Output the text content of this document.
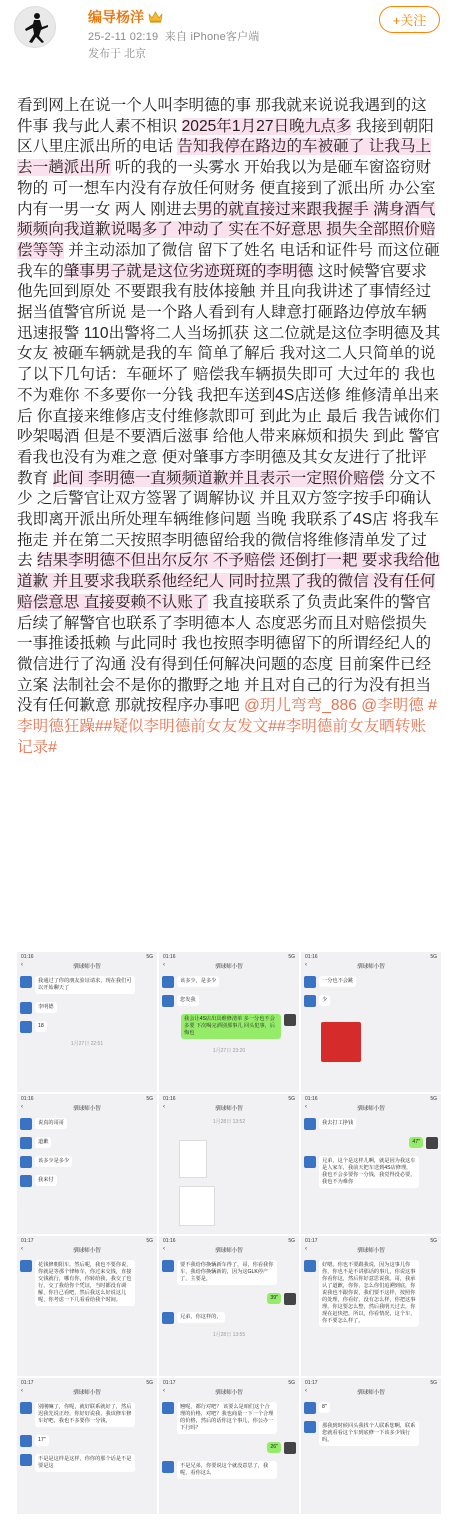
编导杨洋
25-2-11 02:19 来自 iPhone客户端
发布于 北京
+关注
看到网上在说一个人叫李明德的事 那我就来说说我遇到的这件事 我与此人素不相识 2025年1月27日晚九点多 我接到朝阳区八里庄派出所的电话 告知我停在路边的车被砸了 让我马上去一趟派出所 听的我的一头雾水 开始我以为是砸车窗盗窃财物的 可一想车内没有存放任何财务 便直接到了派出所 办公室内有一男一女 两人 刚进去男的就直接过来跟我握手 满身酒气 频频向我道歉说喝多了 冲动了 实在不好意思 损失全部照价赔偿等等 并主动添加了微信 留下了姓名 电话和证件号 而这位砸我车的肇事男子就是这位劣迹斑斑的李明德 这时候警官要求他先回到原处 不要跟我有肢体接触 并且向我讲述了事情经过 据当值警官所说 是一个路人看到有人肆意打砸路边停放车辆迅速报警 110出警将二人当场抓获 这二位就是这位李明德及其女友 被砸车辆就是我的车 简单了解后 我对这二人只简单的说了以下几句话：车砸坏了 赔偿我车辆损失即可 大过年的 我也不为难你 不多要你一分钱 我把车送到4S店送修 维修清单出来后 你直接来维修店支付维修款即可 到此为止 最后 我告诫你们 吵架喝酒 但是不要酒后滋事 给他人带来麻烦和损失 到此 警官看我也没有为难之意 便对肇事方李明德及其女友进行了批评教育 此间 李明德一直频频道歉并且表示一定照价赔偿 分文不少 之后警官让双方签署了调解协议 并且双方签字按手印确认 我即离开派出所处理车辆维修问题 当晚 我联系了4S店 将我车拖走 并在第二天按照李明德留给我的微信将维修清单发了过去 结果李明德不但出尔反尔 不予赔偿 还倒打一耙 要求我给他道歉 并且要求我联系他经纪人 同时拉黑了我的微信 没有任何赔偿意思 直接耍赖不认账了 我直接联系了负责此案件的警官 后续了解警官也联系了李明德本人 态度恶劣而且对赔偿损失一事推诿抵赖 与此同时 我也按照李明德留下的所谓经纪人的微信进行了沟通 没有得到任何解决问题的态度 目前案件已经立案 法制社会不是你的撒野之地 并且对自己的行为没有担当没有任何歉意 那就按程序办事吧 @玥儿弯弯_886 @李明德 #李明德狂躁##疑似李明德前女友发文##李明德前女友晒转账记录#
01:16	5G
‹	驯球师小智
我通过了你的朋友验证请求，现在我们可以开始聊天了
李明德
18
1月27日 22:51
01:16	5G
‹	驯球师小智
该多少，是多少
您发我
我会让4S店出具维修清单 多一分也不会多要 下次喝完酒别那事儿 回头犯事，后悔也
1月27日 23:20
01:16	5G
‹	驯球师小智
一分也不会跳
少
01:16	5G
‹	驯球师小智
说真的哥哥
道歉
该多少是多少
我来付
01:16	5G
‹	驯球师小智
1月28日 13:52
01:16	5G
‹	驯球师小智
我去打工挣钱
47"
兄弟，这个是这样儿啊，就是因为我这车是人家车，我前天把车送到4S店修理，我也不会多要你一分钱，我觉得没必要，我也不为难你
01:17	5G
‹	驯球师小智
花钱修朝阳车。然后呢，我也不要你说，你就是等那个律师车，你过来交钱，直接交钱就行，哪有你，你转给我，我交了也行，交了我给你个凭证，当时都没有调解，你自己看吧，然后我这么好说这儿呢，你考虑一下几看看给我个时间。
01:16	5G
‹	驯球师小智
要不我给你换辆新车得了，哥，你看我你车，我给你换辆新的，因为这GLK停产了，主要是，
39"
兄弟，你这样的，
1月28日 13:55
01:17	5G
‹	驯球师小智
好嗯，你也不要跟我说，因为这事儿你你，你也不是不讲那话的事儿，你说这事你看你这，然后你好意思说我。哥，我承认了道歉，你你，怎么你们追溯到底，你说我也不跟你说，我们要不这样，按照你的处理，你看好，没有怎么样，你把这事理，你这要怎么整，然后我明天过去，你现在赶快把。所以，你看情况，这个车，你不要怎么样了。
01:17	5G
‹	驯球师小智
别刚嘛了，你呢，就好联系就好了，然后迟我先说正经，你好好说我，我该修车修车好吧，我也不多要你一分钱，
17"
不是是这样是这样，你你的那个话是不是要是这
01:17	5G
‹	驯球师小智
翘呢，都行对吧？ 该要么是咱们这个合理的价格，对吧？我也商量一下一个合理的价格，然后的话你这个事儿，你公办一下行吗？
26"
不是兄弟，你要说这个就没意思了，我呢，看你这么
01:17	5G
‹	驯球师小智
8"
那我到时候回头我找个人联系您啊，联系您就看看这个车到底修一下该多少钱行吗。
